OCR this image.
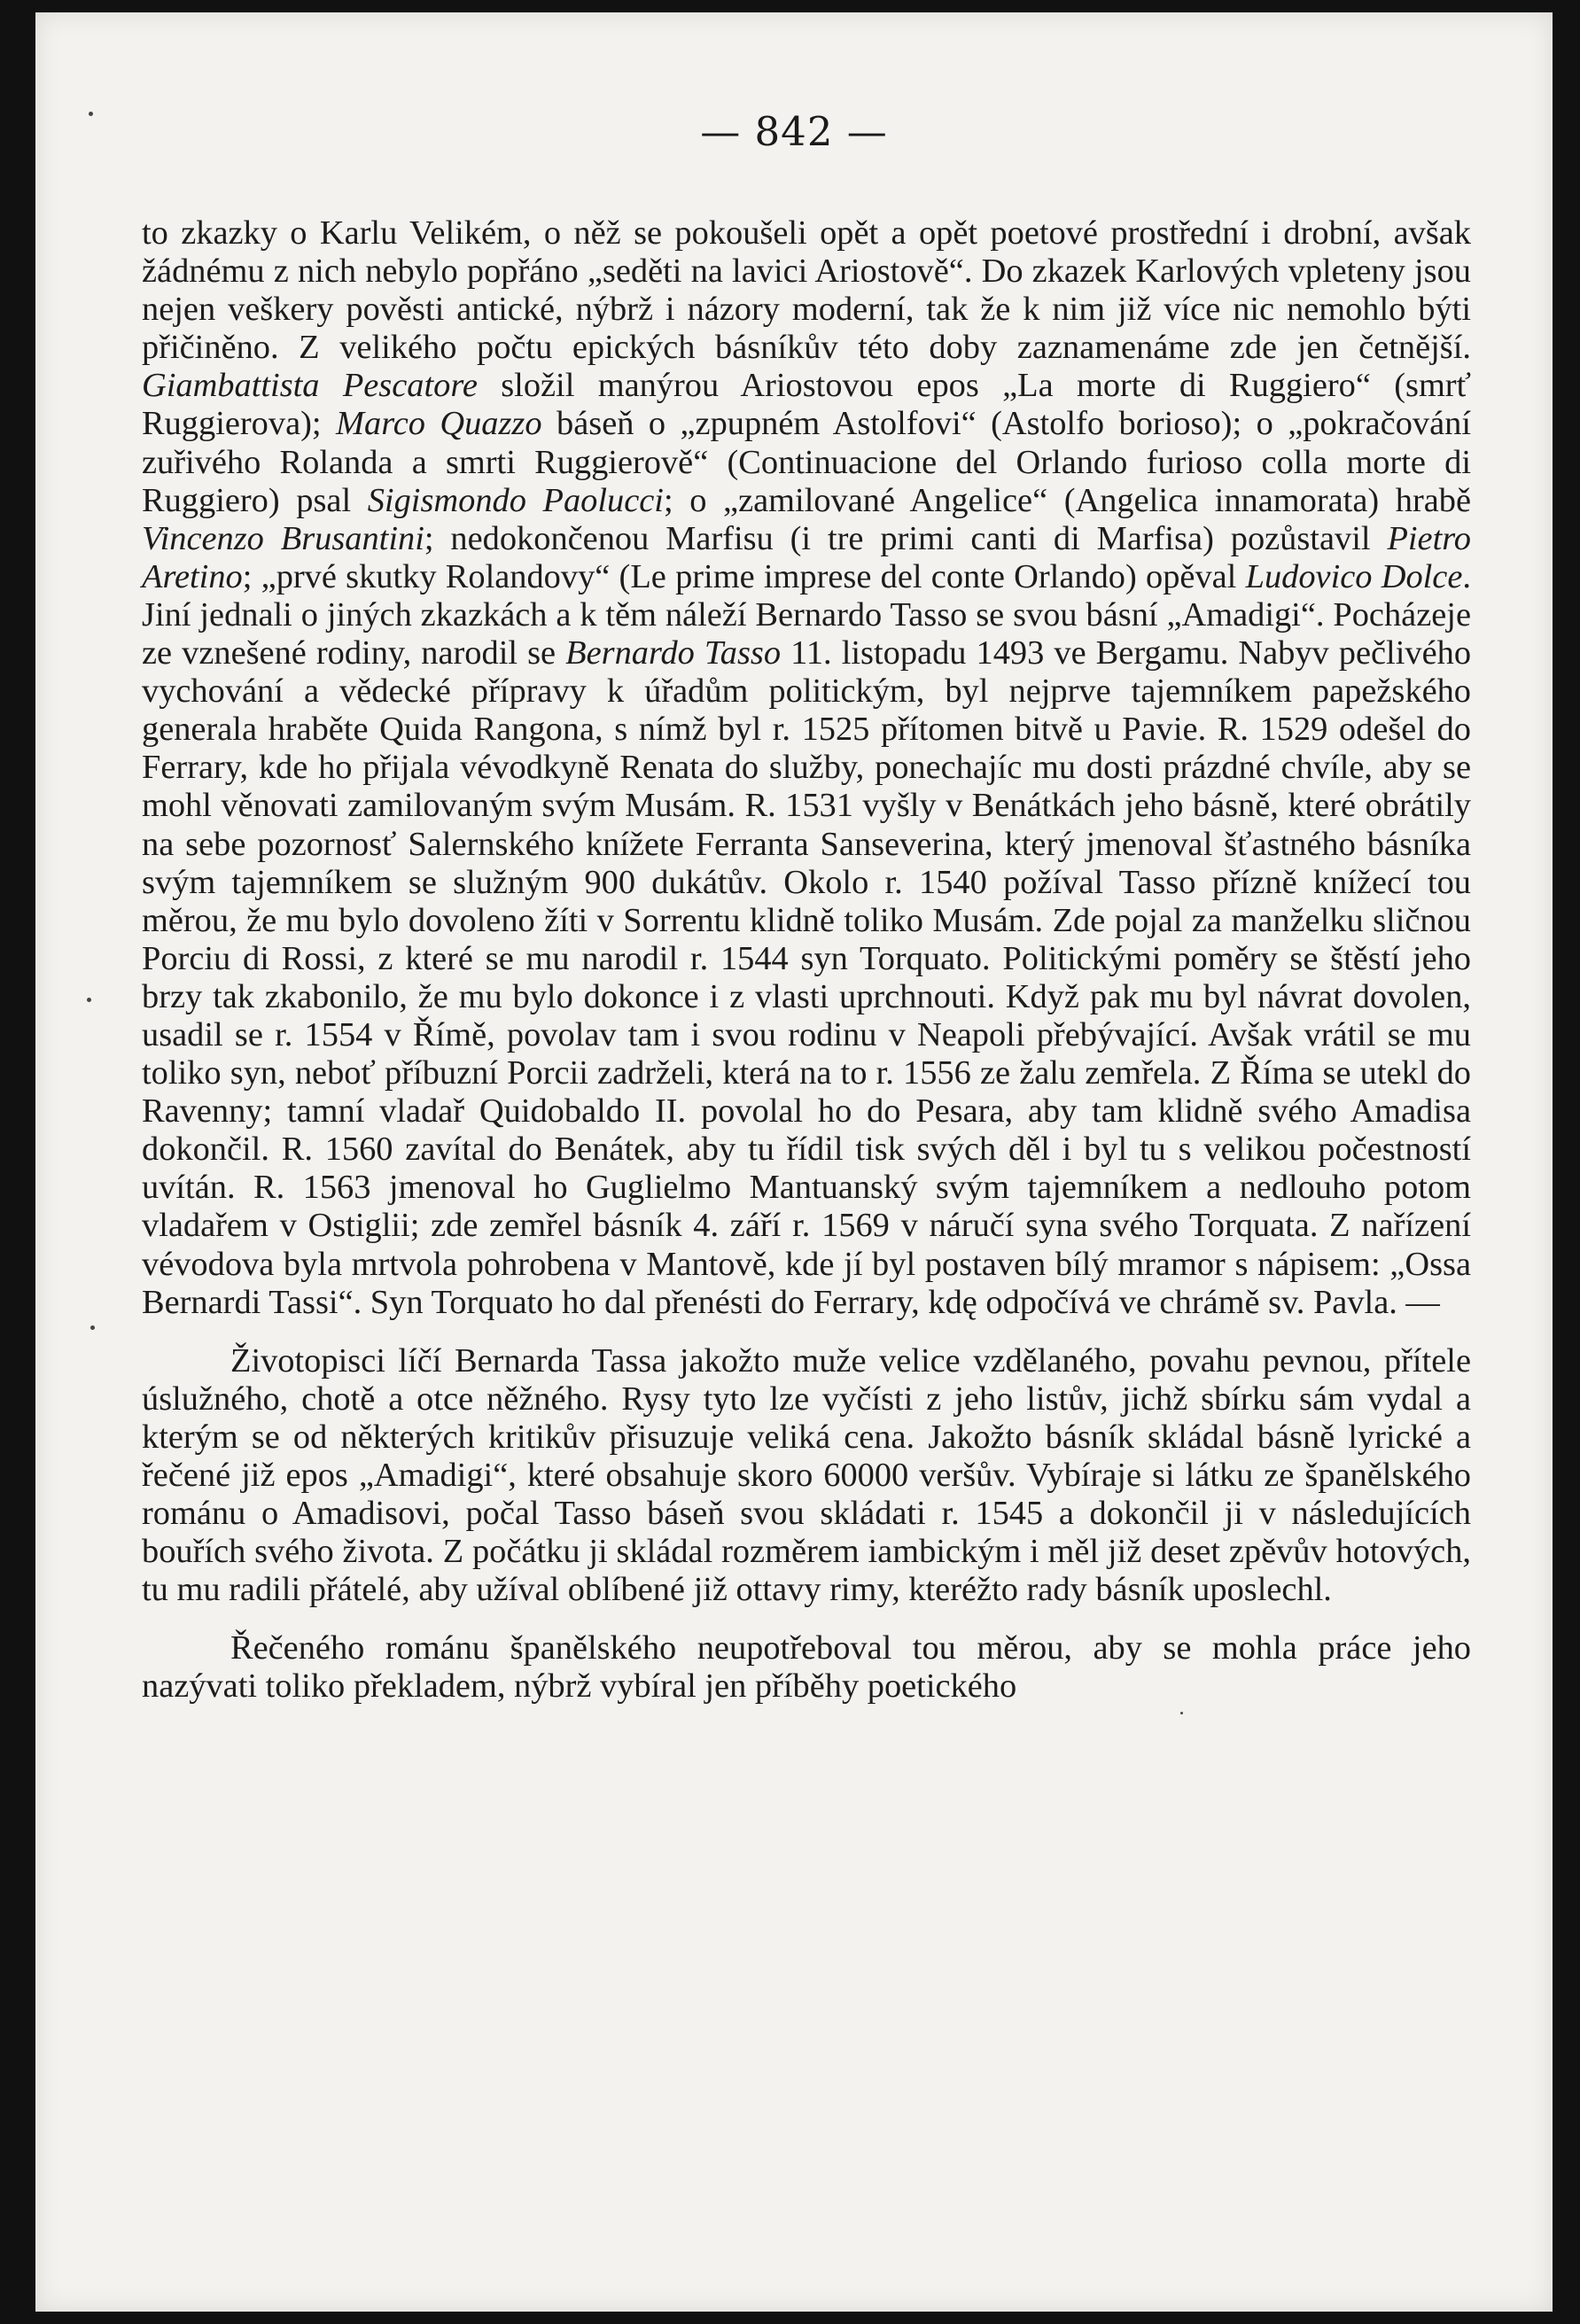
— 842 —

to zkazky o Karlu Velikém, o něž se pokoušeli opět a opět poetové prostřední i drobní, avšak žádnému z nich nebylo popřáno „seděti na lavici Ariostově“. Do zkazek Karlových vpleteny jsou nejen veškery pověsti antické, nýbrž i názory moderní, tak že k nim již více nic nemohlo býti přičiněno. Z velikého počtu epických básníkův této doby zaznamenáme zde jen četnější. Giambattista Pescatore složil manýrou Ariostovou epos „La morte di Ruggiero“ (smrť Ruggierova); Marco Quazzo báseň o „zpupném Astolfovi“ (Astolfo borioso); o „pokračování zuřivého Rolanda a smrti Ruggierově“ (Continuacione del Orlando furioso colla morte di Ruggiero) psal Sigismondo Paolucci; o „zamilované Angelice“ (Angelica innamorata) hrabě Vincenzo Brusantini; nedokončenou Marfisu (i tre primi canti di Marfisa) pozůstavil Pietro Aretino; „prvé skutky Rolandovy“ (Le prime imprese del conte Orlando) opěval Ludovico Dolce. Jiní jednali o jiných zkazkách a k těm náleží Bernardo Tasso se svou básní „Amadigi“. Pocházeje ze vznešené rodiny, narodil se Bernardo Tasso 11. listopadu 1493 ve Bergamu. Nabyv pečlivého vychování a vědecké přípravy k úřadům politickým, byl nejprve tajemníkem papežského generala hraběte Quida Rangona, s nímž byl r. 1525 přítomen bitvě u Pavie. R. 1529 odešel do Ferrary, kde ho přijala vévodkyně Renata do služby, ponechajíc mu dosti prázdné chvíle, aby se mohl věnovati zamilovaným svým Musám. R. 1531 vyšly v Benátkách jeho básně, které obrátily na sebe pozornosť Salernského knížete Ferranta Sanseverina, který jmenoval šťastného básníka svým tajemníkem se služným 900 dukátův. Okolo r. 1540 požíval Tasso přízně knížecí tou měrou, že mu bylo dovoleno žíti v Sorrentu klidně toliko Musám. Zde pojal za manželku sličnou Porciu di Rossi, z které se mu narodil r. 1544 syn Torquato. Politickými poměry se štěstí jeho brzy tak zkabonilo, že mu bylo dokonce i z vlasti uprchnouti. Když pak mu byl návrat dovolen, usadil se r. 1554 v Římě, povolav tam i svou rodinu v Neapoli přebývající. Avšak vrátil se mu toliko syn, neboť příbuzní Porcii zadrželi, která na to r. 1556 ze žalu zemřela. Z Říma se utekl do Ravenny; tamní vladař Quidobaldo II. povolal ho do Pesara, aby tam klidně svého Amadisa dokončil. R. 1560 zavítal do Benátek, aby tu řídil tisk svých děl i byl tu s velikou počestností uvítán. R. 1563 jmenoval ho Guglielmo Mantuanský svým tajemníkem a nedlouho potom vladařem v Ostiglii; zde zemřel básník 4. září r. 1569 v náručí syna svého Torquata. Z nařízení vévodova byla mrtvola pohrobena v Mantově, kde jí byl postaven bílý mramor s nápisem: „Ossa Bernardi Tassi“. Syn Torquato ho dal přenésti do Ferrary, kdę odpočívá ve chrámě sv. Pavla. —

Životopisci líčí Bernarda Tassa jakožto muže velice vzdělaného, povahu pevnou, přítele úslužného, chotě a otce něžného. Rysy tyto lze vyčísti z jeho listův, jichž sbírku sám vydal a kterým se od některých kritikův přisuzuje veliká cena. Jakožto básník skládal básně lyrické a řečené již epos „Amadigi“, které obsahuje skoro 60000 veršův. Vybíraje si látku ze španělského románu o Amadisovi, počal Tasso báseň svou skládati r. 1545 a dokončil ji v následujících bouřích svého života. Z počátku ji skládal rozměrem iambickým i měl již deset zpěvův hotových, tu mu radili přátelé, aby užíval oblíbené již ottavy rimy, kteréžto rady básník uposlechl.

Řečeného románu španělského neupotřeboval tou měrou, aby se mohla práce jeho nazývati toliko překladem, nýbrž vybíral jen příběhy poetického
